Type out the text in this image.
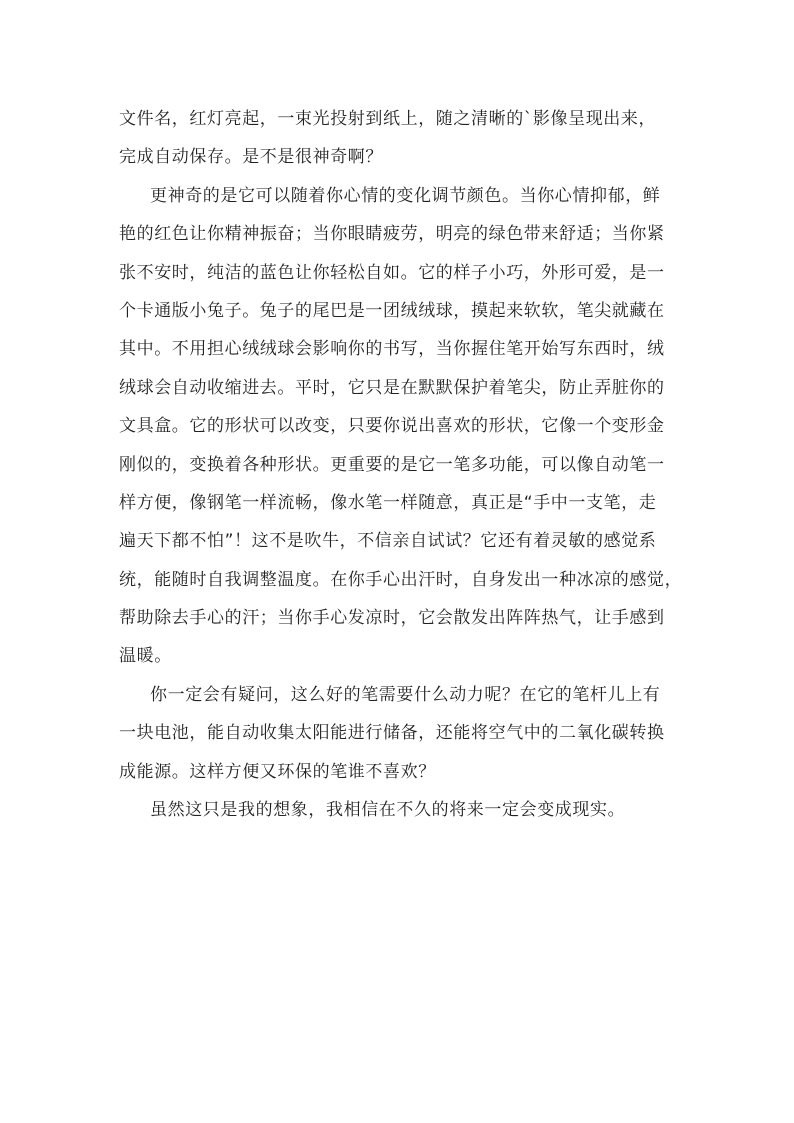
文件名，红灯亮起，一束光投射到纸上，随之清晰的`影像呈现出来，
完成自动保存。是不是很神奇啊？
更神奇的是它可以随着你心情的变化调节颜色。当你心情抑郁，鲜
艳的红色让你精神振奋；当你眼睛疲劳，明亮的绿色带来舒适；当你紧
张不安时，纯洁的蓝色让你轻松自如。它的样子小巧，外形可爱，是一
个卡通版小兔子。兔子的尾巴是一团绒绒球，摸起来软软，笔尖就藏在
其中。不用担心绒绒球会影响你的书写，当你握住笔开始写东西时，绒
绒球会自动收缩进去。平时，它只是在默默保护着笔尖，防止弄脏你的
文具盒。它的形状可以改变，只要你说出喜欢的形状，它像一个变形金
刚似的，变换着各种形状。更重要的是它一笔多功能，可以像自动笔一
样方便，像钢笔一样流畅，像水笔一样随意，真正是“手中一支笔，走
遍天下都不怕”！这不是吹牛，不信亲自试试？它还有着灵敏的感觉系
统，能随时自我调整温度。在你手心出汗时，自身发出一种冰凉的感觉，
帮助除去手心的汗；当你手心发凉时，它会散发出阵阵热气，让手感到
温暖。
你一定会有疑问，这么好的笔需要什么动力呢？在它的笔杆儿上有
一块电池，能自动收集太阳能进行储备，还能将空气中的二氧化碳转换
成能源。这样方便又环保的笔谁不喜欢？
虽然这只是我的想象，我相信在不久的将来一定会变成现实。
